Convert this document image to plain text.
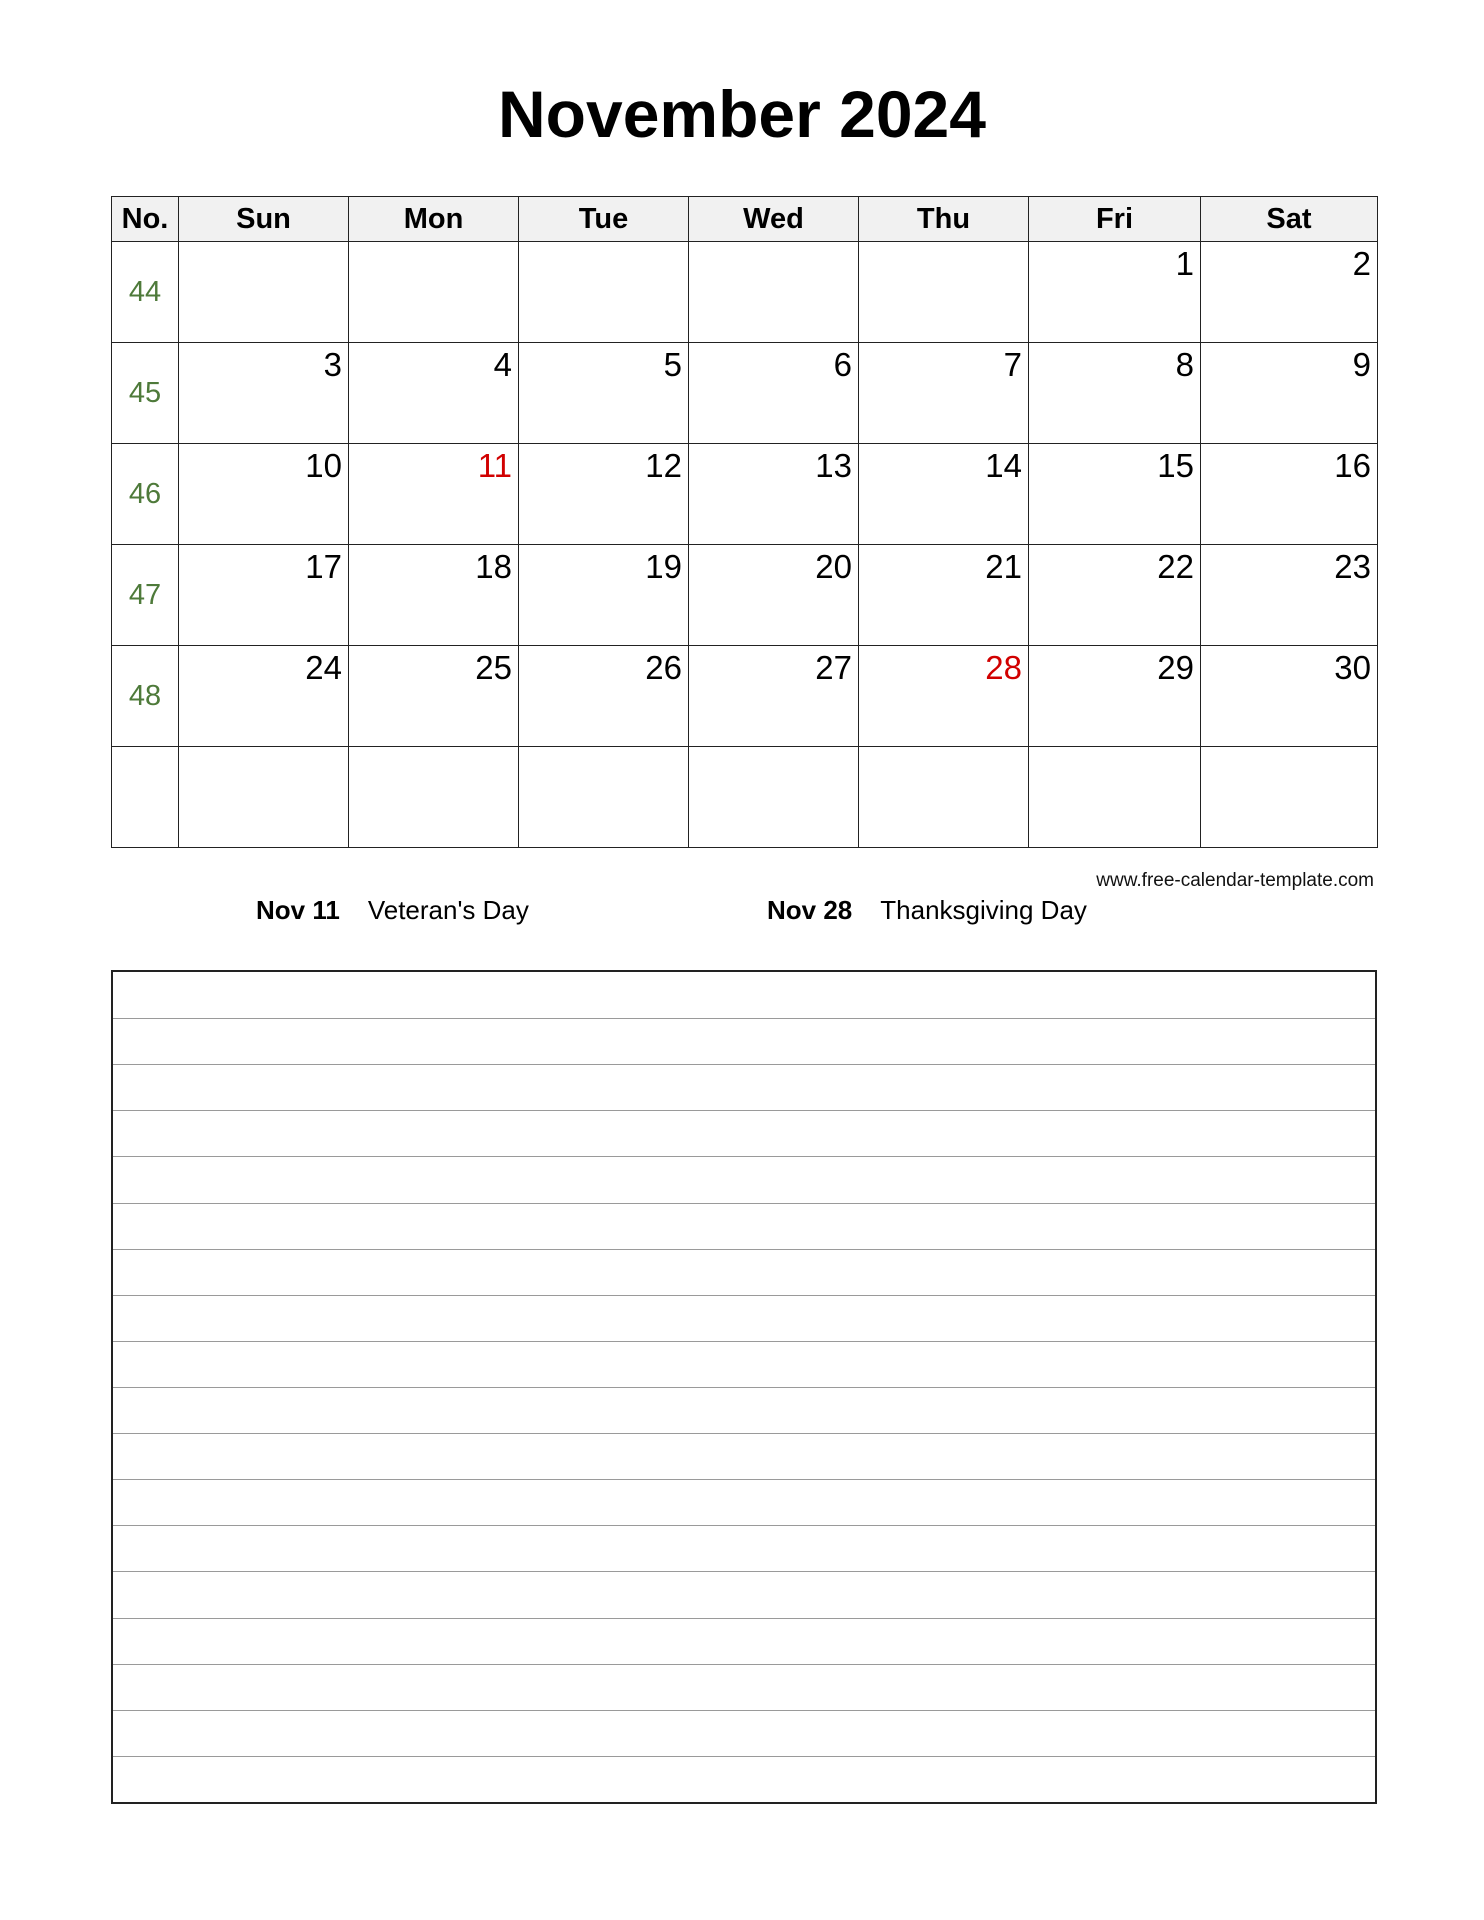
November 2024
No.	Sun	Mon	Tue	Wed	Thu	Fri	Sat
44						1	2

45	3	4	5	6	7	8	9

46	10	11	12	13	14	15	16

47	17	18	19	20	21	22	23

48	24	25	26	27	28	29	30

www.free-calendar-template.com
Nov 11 Veteran's Day	Nov 28 Thanksgiving Day
